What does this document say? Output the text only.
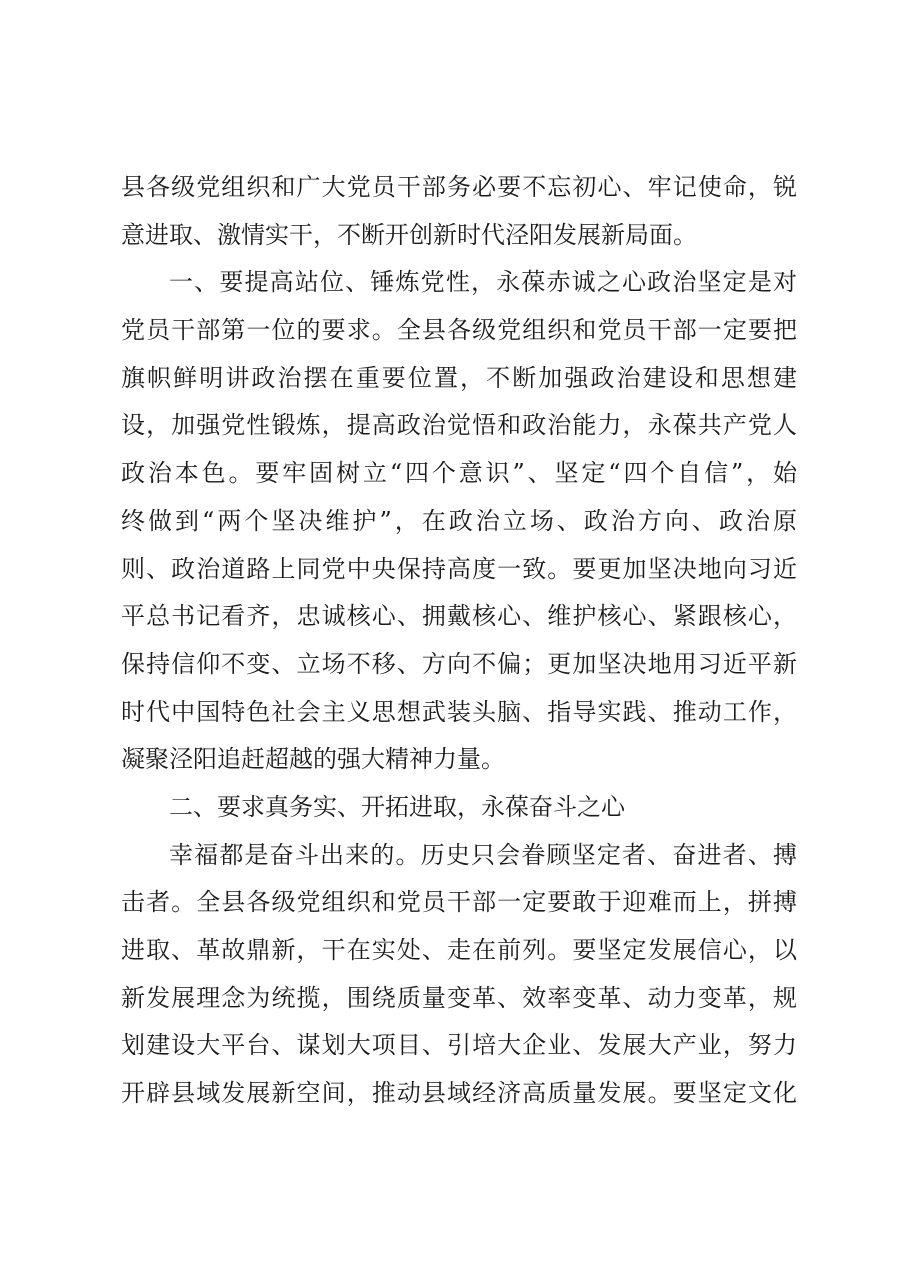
县各级党组织和广大党员干部务必要不忘初心、牢记使命，锐
意进取、激情实干，不断开创新时代泾阳发展新局面。
一、要提高站位、锤炼党性，永葆赤诚之心政治坚定是对
党员干部第一位的要求。全县各级党组织和党员干部一定要把
旗帜鲜明讲政治摆在重要位置，不断加强政治建设和思想建
设，加强党性锻炼，提高政治觉悟和政治能力，永葆共产党人
政治本色。要牢固树立“四个意识”、坚定“四个自信”，始
终做到“两个坚决维护”，在政治立场、政治方向、政治原
则、政治道路上同党中央保持高度一致。要更加坚决地向习近
平总书记看齐，忠诚核心、拥戴核心、维护核心、紧跟核心，
保持信仰不变、立场不移、方向不偏；更加坚决地用习近平新
时代中国特色社会主义思想武装头脑、指导实践、推动工作，
凝聚泾阳追赶超越的强大精神力量。
二、要求真务实、开拓进取，永葆奋斗之心
幸福都是奋斗出来的。历史只会眷顾坚定者、奋进者、搏
击者。全县各级党组织和党员干部一定要敢于迎难而上，拼搏
进取、革故鼎新，干在实处、走在前列。要坚定发展信心，以
新发展理念为统揽，围绕质量变革、效率变革、动力变革，规
划建设大平台、谋划大项目、引培大企业、发展大产业，努力
开辟县域发展新空间，推动县域经济高质量发展。要坚定文化
